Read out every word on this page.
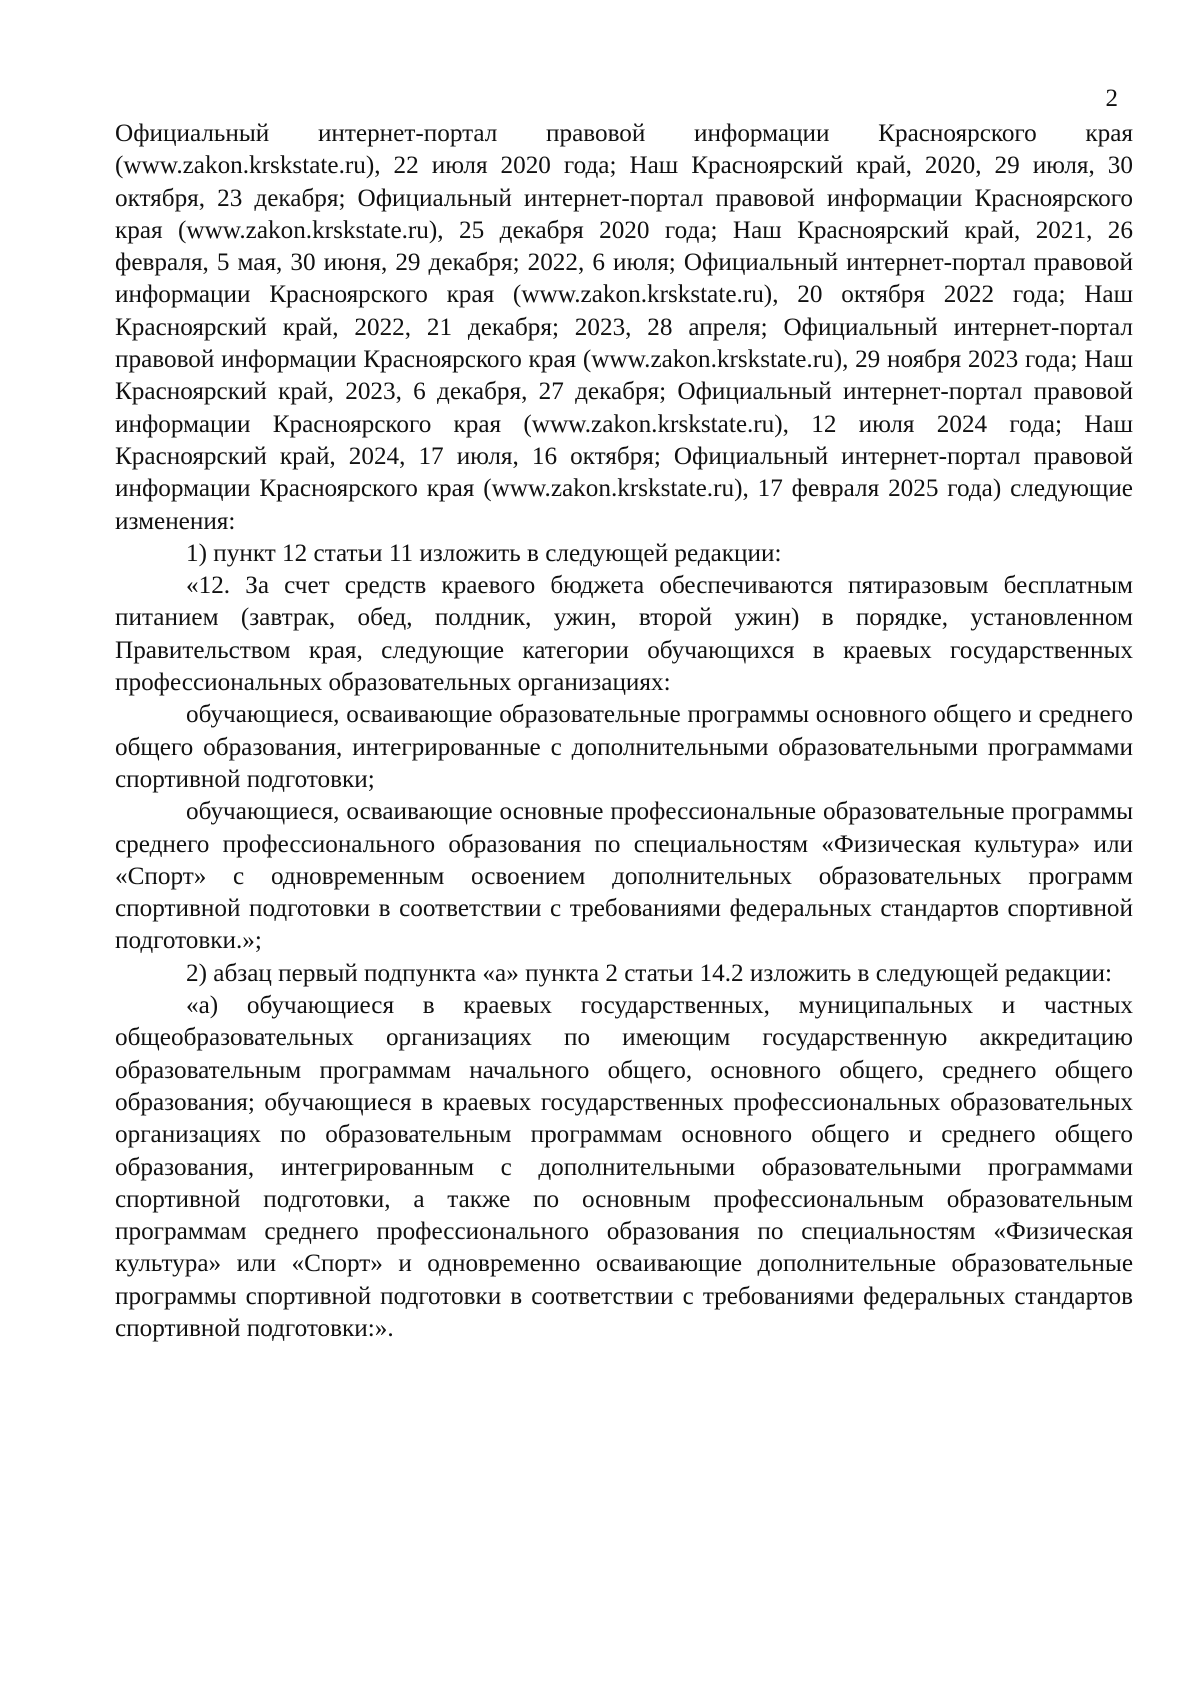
2

Официальный интернет-портал правовой информации Красноярского края (www.zakon.krskstate.ru), 22 июля 2020 года; Наш Красноярский край, 2020, 29 июля, 30 октября, 23 декабря; Официальный интернет-портал правовой информации Красноярского края (www.zakon.krskstate.ru), 25 декабря 2020 года; Наш Красноярский край, 2021, 26 февраля, 5 мая, 30 июня, 29 декабря; 2022, 6 июля; Официальный интернет-портал правовой информации Красноярского края (www.zakon.krskstate.ru), 20 октября 2022 года; Наш Красноярский край, 2022, 21 декабря; 2023, 28 апреля; Официальный интернет-портал правовой информации Красноярского края (www.zakon.krskstate.ru), 29 ноября 2023 года; Наш Красноярский край, 2023, 6 декабря, 27 декабря; Официальный интернет-портал правовой информации Красноярского края (www.zakon.krskstate.ru), 12 июля 2024 года; Наш Красноярский край, 2024, 17 июля, 16 октября; Официальный интернет-портал правовой информации Красноярского края (www.zakon.krskstate.ru), 17 февраля 2025 года) следующие изменения:

1) пункт 12 статьи 11 изложить в следующей редакции:

«12. За счет средств краевого бюджета обеспечиваются пятиразовым бесплатным питанием (завтрак, обед, полдник, ужин, второй ужин) в порядке, установленном Правительством края, следующие категории обучающихся в краевых государственных профессиональных образовательных организациях:

обучающиеся, осваивающие образовательные программы основного общего и среднего общего образования, интегрированные с дополнительными образовательными программами спортивной подготовки;

обучающиеся, осваивающие основные профессиональные образовательные программы среднего профессионального образования по специальностям «Физическая культура» или «Спорт» с одновременным освоением дополнительных образовательных программ спортивной подготовки в соответствии с требованиями федеральных стандартов спортивной подготовки.»;

2) абзац первый подпункта «а» пункта 2 статьи 14.2 изложить в следующей редакции:

«а) обучающиеся в краевых государственных, муниципальных и частных общеобразовательных организациях по имеющим государственную аккредитацию образовательным программам начального общего, основного общего, среднего общего образования; обучающиеся в краевых государственных профессиональных образовательных организациях по образовательным программам основного общего и среднего общего образования, интегрированным с дополнительными образовательными программами спортивной подготовки, а также по основным профессиональным образовательным программам среднего профессионального образования по специальностям «Физическая культура» или «Спорт» и одновременно осваивающие дополнительные образовательные программы спортивной подготовки в соответствии с требованиями федеральных стандартов спортивной подготовки:».
